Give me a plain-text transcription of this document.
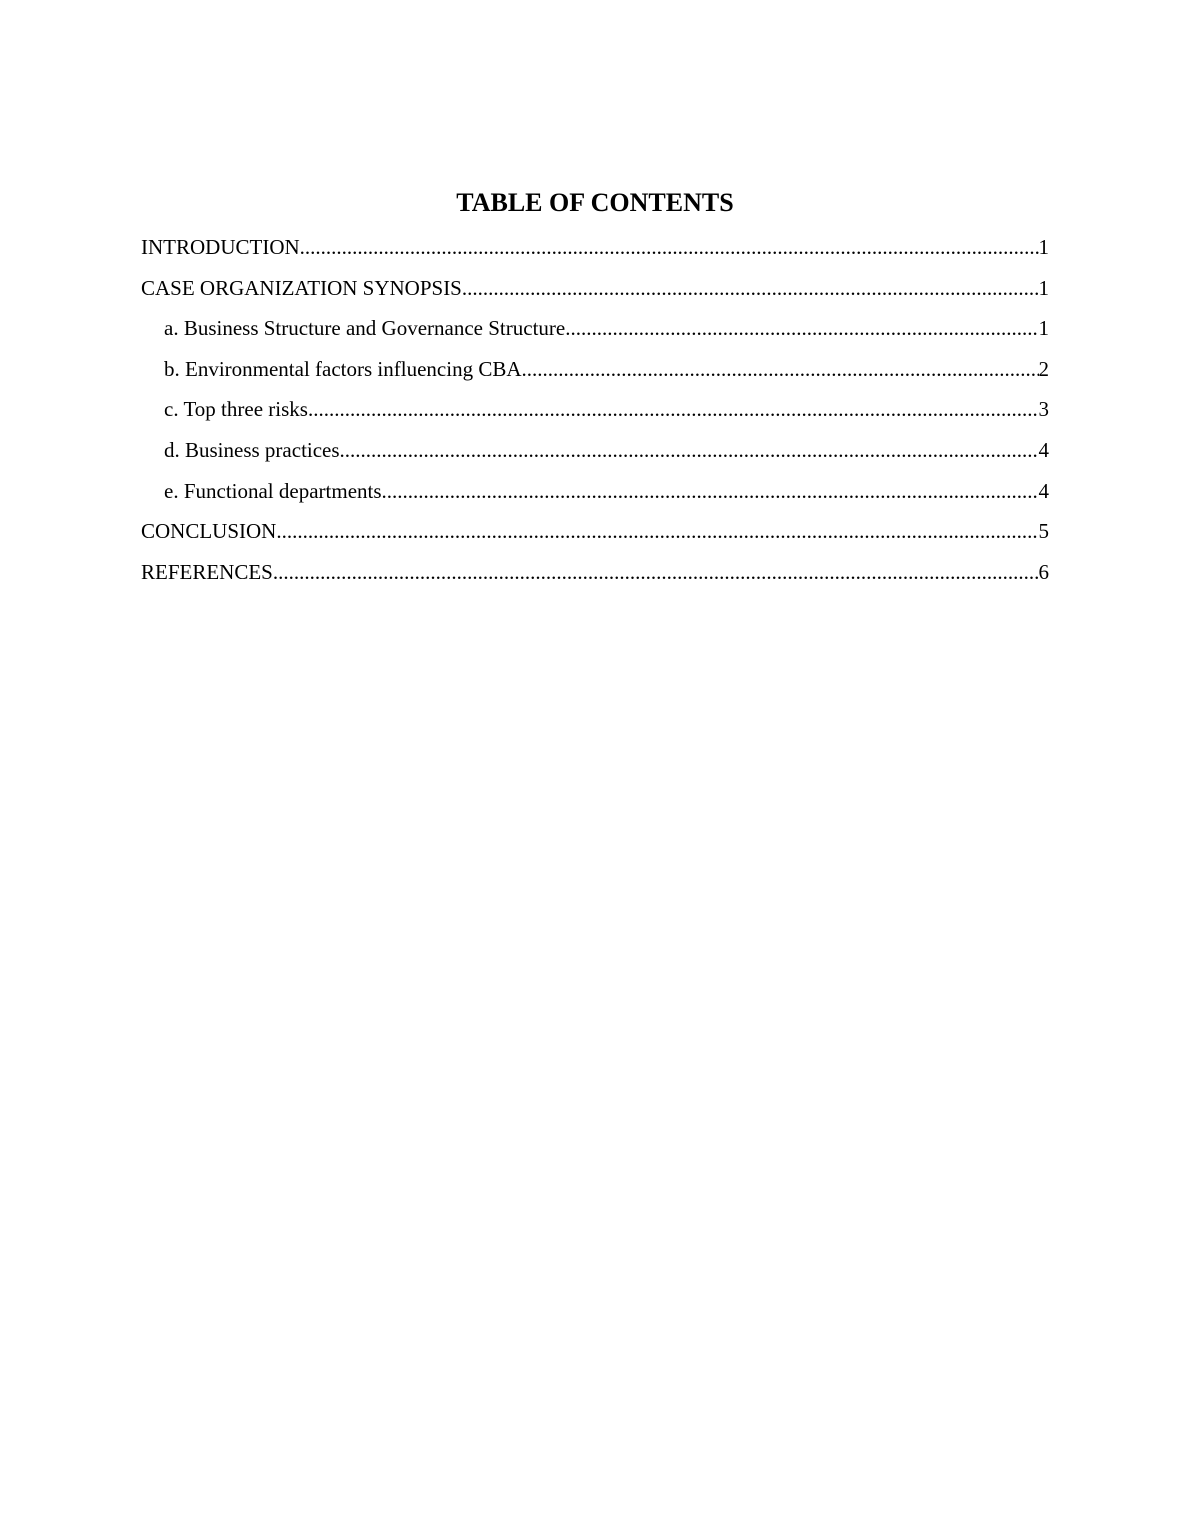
TABLE OF CONTENTS
INTRODUCTION .....	1
CASE ORGANIZATION SYNOPSIS .....	1
a. Business Structure and Governance Structure .....	1
b. Environmental factors influencing CBA .....	2
c. Top three risks .....	3
d. Business practices .....	4
e. Functional departments .....	4
CONCLUSION .....	5
REFERENCES .....	6
